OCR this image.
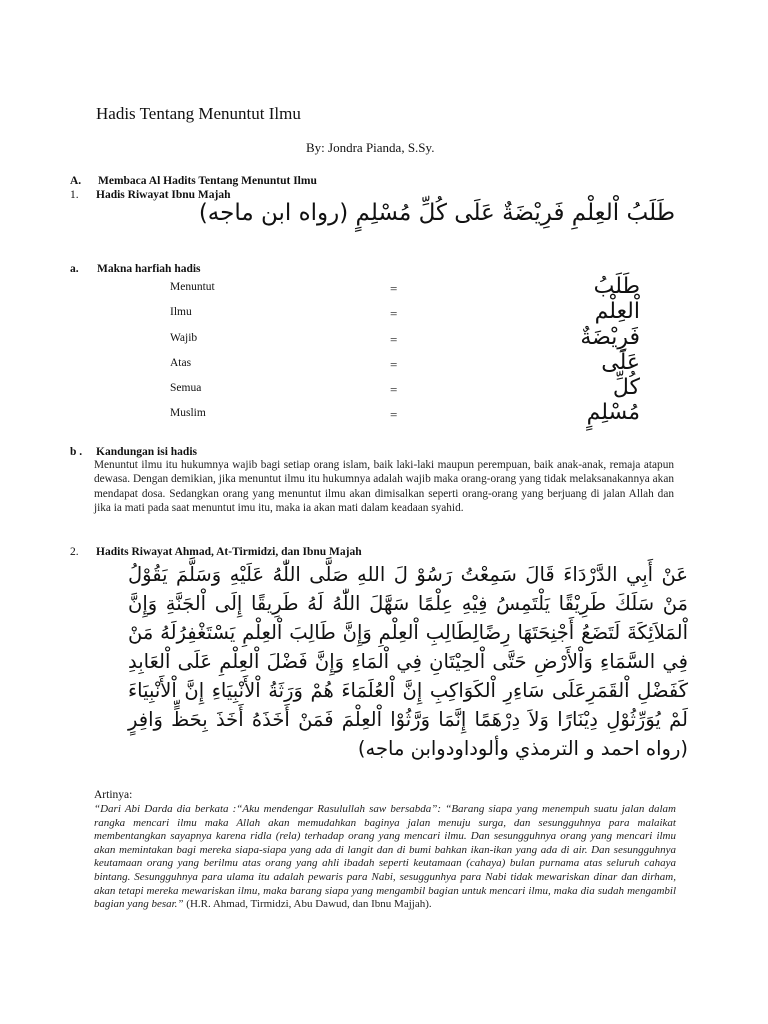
Hadis Tentang Menuntut Ilmu
By: Jondra Pianda, S.Sy.
A. Membaca Al Hadits Tentang Menuntut Ilmu
1. Hadis Riwayat Ibnu Majah
طَلَبُ اْلعِلْمِ فَرِيْضَةٌ عَلَى كُلِّ مُسْلِمٍ (رواه ابن ماجه)
a. Makna harfiah hadis
Menuntut	=	طَلَبُ
Ilmu	=	اْلعِلْم
Wajib	=	فَرِيْضَةٌ
Atas	=	عَلَى
Semua	=	كُلِّ
Muslim	=	مُسْلِمٍ
b . Kandungan isi hadis
Menuntut ilmu itu hukumnya wajib bagi setiap orang islam, baik laki-laki maupun perempuan, baik anak-anak, remaja atapun dewasa. Dengan demikian, jika menuntut ilmu itu hukumnya adalah wajib maka orang-orang yang tidak melaksanakannya akan mendapat dosa. Sedangkan orang yang menuntut ilmu akan dimisalkan seperti orang-orang yang berjuang di jalan Allah dan jika ia mati pada saat menuntut imu itu, maka ia akan mati dalam keadaan syahid.
2. Hadits Riwayat Ahmad, At-Tirmidzi, dan Ibnu Majah
عَنْ أَبِي الدَّرْدَاءَ قَالَ سَمِعْتُ رَسُوْ لَ اللهِ صَلَّى اللّٰهُ عَلَيْهِ وَسَلَّمَ يَقُوْلُ مَنْ سَلَكَ طَرِيْقًا يَلْتَمِسُ فِيْهِ عِلْمًا سَهَّلَ اللّٰهُ لَهُ طَرِيقًا إِلَى اْلجَنَّةِ وَإِنَّ اْلمَلاَئِكَةَ لَتَضَعُ أَجْنِحَتَهَا رِضًالِطَالِبِ اْلعِلْمِ وَإِنَّ طَالِبَ اْلعِلْمِ يَسْتَغْفِرُلَهُ مَنْ فِي السَّمَاءِ وَاْلأَرْضِ حَتَّى اْلحِيْتَانِ فِي اْلمَاءِ وَإِنَّ فَضْلَ اْلعِلْمِ عَلَى اْلعَابِدِ كَفَضْلِ اْلقَمَرِعَلَى سَاءِرِ اْلكَوَاكِبِ إِنَّ اْلعُلَمَاءَ هُمْ وَرَثَةُ اْلأَنْبِيَاءِ إِنَّ اْلأَنْبِيَاءَ لَمْ يُوَرِّثُوْلِ دِيْنَارًا وَلاَ دِرْهَمًا إِنَّمَا وَرَّثُوْا اْلعِلْمَ فَمَنْ أَخَذَهُ أَخَذَ بِحَظٍّ وَافِرٍ (رواه احمد و الترمذي وألوداودوابن ماجه)
Artinya:
“Dari Abi Darda dia berkata :“Aku mendengar Rasulullah saw bersabda”: “Barang siapa yang menempuh suatu jalan dalam rangka mencari ilmu maka Allah akan memudahkan baginya jalan menuju surga, dan sesungguhnya para malaikat membentangkan sayapnya karena ridla (rela) terhadap orang yang mencari ilmu. Dan sesungguhnya orang yang mencari ilmu akan memintakan bagi mereka siapa-siapa yang ada di langit dan di bumi bahkan ikan-ikan yang ada di air. Dan sesungguhnya keutamaan orang yang berilmu atas orang yang ahli ibadah seperti keutamaan (cahaya) bulan purnama atas seluruh cahaya bintang. Sesungguhnya para ulama itu adalah pewaris para Nabi, sesuggunhya para Nabi tidak mewariskan dinar dan dirham, akan tetapi mereka mewariskan ilmu, maka barang siapa yang mengambil bagian untuk mencari ilmu, maka dia sudah mengambil bagian yang besar.” (H.R. Ahmad, Tirmidzi, Abu Dawud, dan Ibnu Majjah).
